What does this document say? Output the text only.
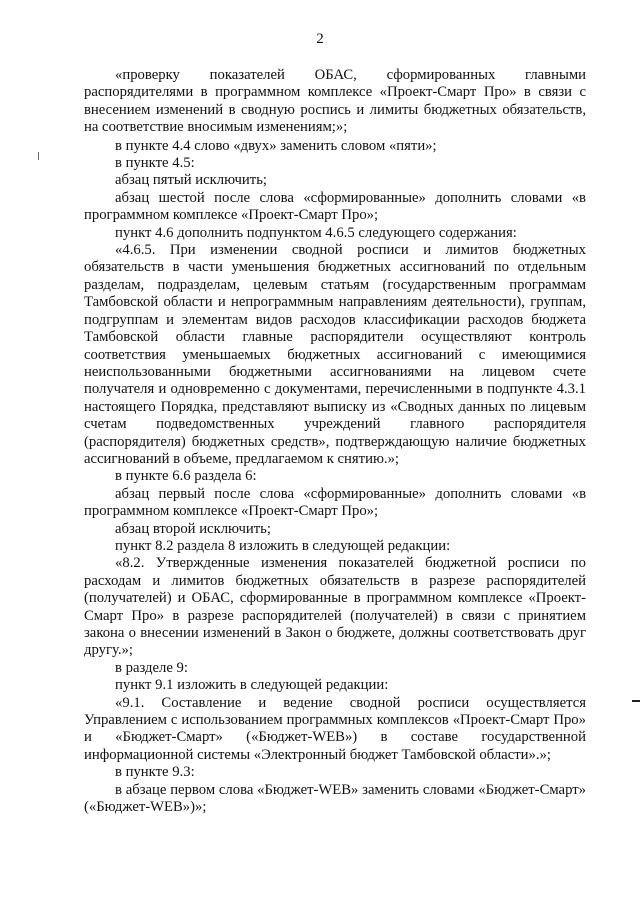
2

«проверку показателей ОБАС, сформированных главными распорядителями в программном комплексе «Проект-Смарт Про» в связи с внесением изменений в сводную роспись и лимиты бюджетных обязательств, на соответствие вносимым изменениям;»;

в пункте 4.4 слово «двух» заменить словом «пяти»;

в пункте 4.5:

абзац пятый исключить;

абзац шестой после слова «сформированные» дополнить словами «в программном комплексе «Проект-Смарт Про»;

пункт 4.6 дополнить подпунктом 4.6.5 следующего содержания:

«4.6.5. При изменении сводной росписи и лимитов бюджетных обязательств в части уменьшения бюджетных ассигнований по отдельным разделам, подразделам, целевым статьям (государственным программам Тамбовской области и непрограммным направлениям деятельности), группам, подгруппам и элементам видов расходов классификации расходов бюджета Тамбовской области главные распорядители осуществляют контроль соответствия уменьшаемых бюджетных ассигнований с имеющимися неиспользованными бюджетными ассигнованиями на лицевом счете получателя и одновременно с документами, перечисленными в подпункте 4.3.1 настоящего Порядка, представляют выписку из «Сводных данных по лицевым счетам подведомственных учреждений главного распорядителя (распорядителя) бюджетных средств», подтверждающую наличие бюджетных ассигнований в объеме, предлагаемом к снятию.»;

в пункте 6.6 раздела 6:

абзац первый после слова «сформированные» дополнить словами «в программном комплексе «Проект-Смарт Про»;

абзац второй исключить;

пункт 8.2 раздела 8 изложить в следующей редакции:

«8.2. Утвержденные изменения показателей бюджетной росписи по расходам и лимитов бюджетных обязательств в разрезе распорядителей (получателей) и ОБАС, сформированные в программном комплексе «Проект-Смарт Про» в разрезе распорядителей (получателей) в связи с принятием закона о внесении изменений в Закон о бюджете, должны соответствовать друг другу.»;

в разделе 9:

пункт 9.1 изложить в следующей редакции:

«9.1. Составление и ведение сводной росписи осуществляется Управлением с использованием программных комплексов «Проект-Смарт Про» и «Бюджет-Смарт» («Бюджет-WEB») в составе государственной информационной системы «Электронный бюджет Тамбовской области».»;

в пункте 9.3:

в абзаце первом слова «Бюджет-WEB» заменить словами «Бюджет-Смарт» («Бюджет-WEB»)»;
